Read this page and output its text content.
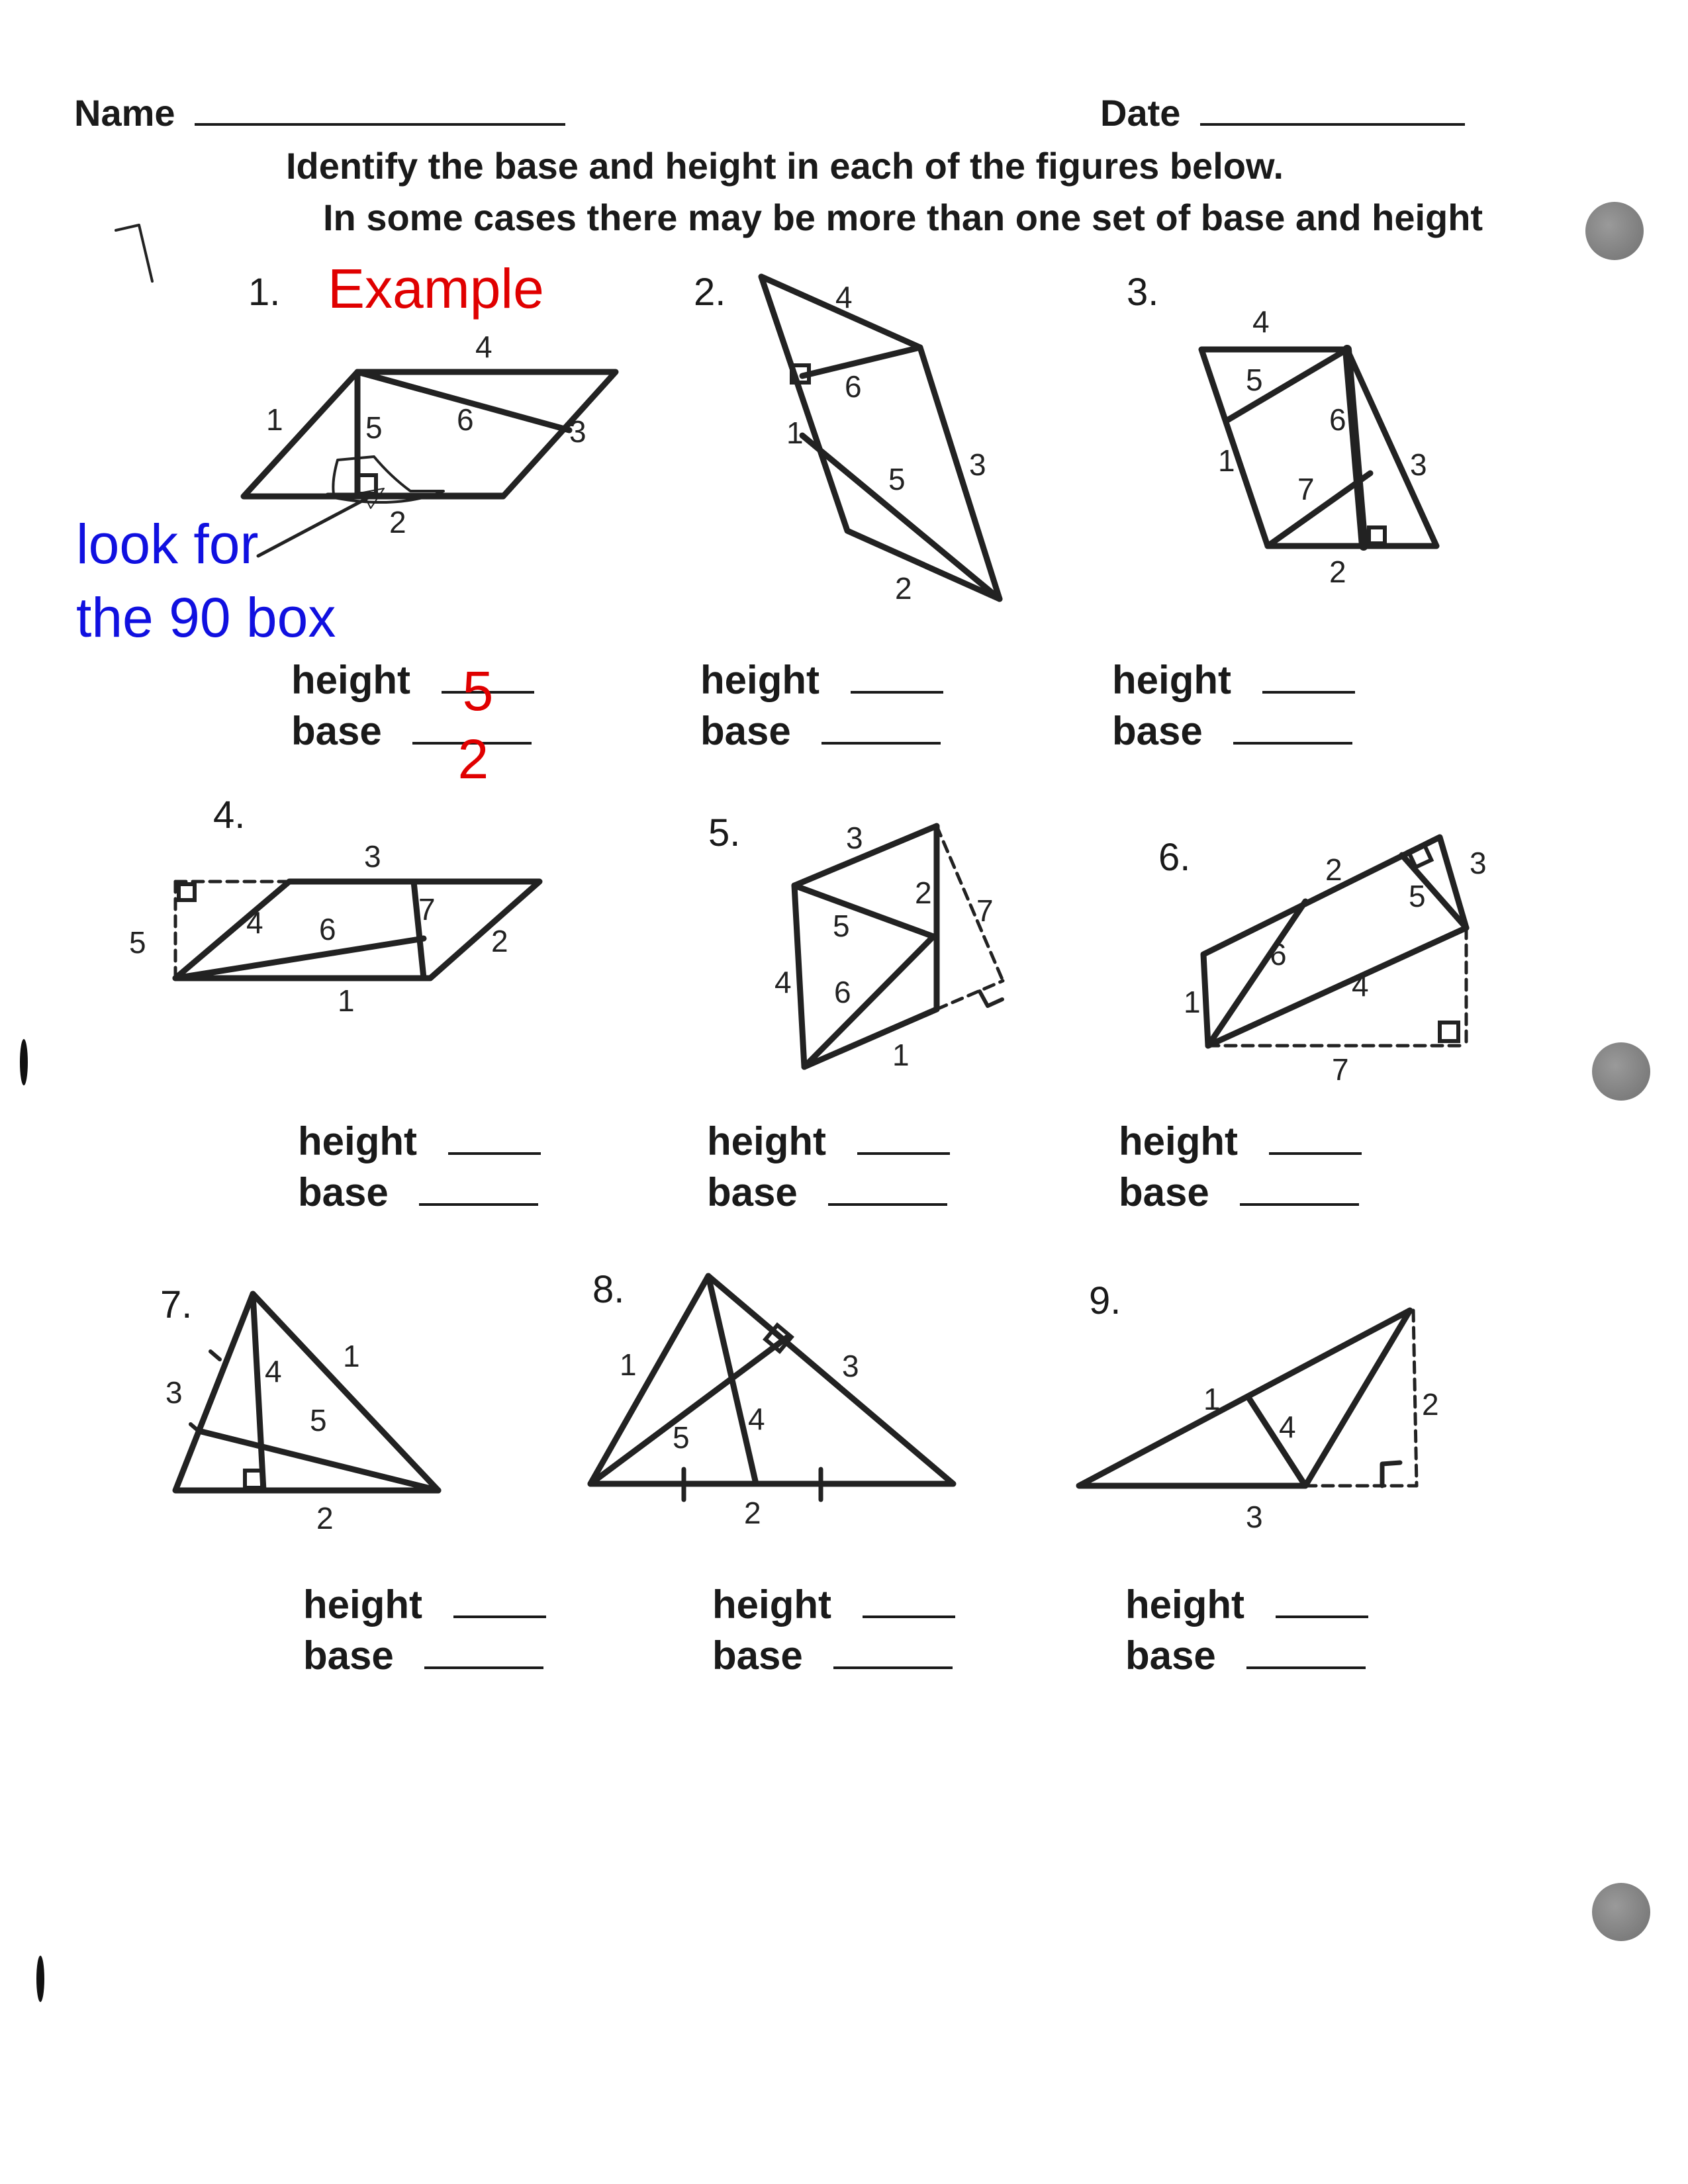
Name	Date
Identify the base and height in each of the figures below.
In some cases there may be more than one set of base and height
1. Example
4
1	5 6	3
2
look for
the 90 box
height 5
base 2
2.	4
6
1
5 3
2
height
base
3.
4
5
6
1
7
3
2
height
base
4.
3
5
4 6
7
2
1
height
base
5.	3
2
7
5
4 6
1
height
base
6.	2	3
5
6
4
1
7
height
base
7.
3
4 1
5
2
height
base
8.
1	3
4
5
2
height
base
9.
1
4
2
3
height
base
